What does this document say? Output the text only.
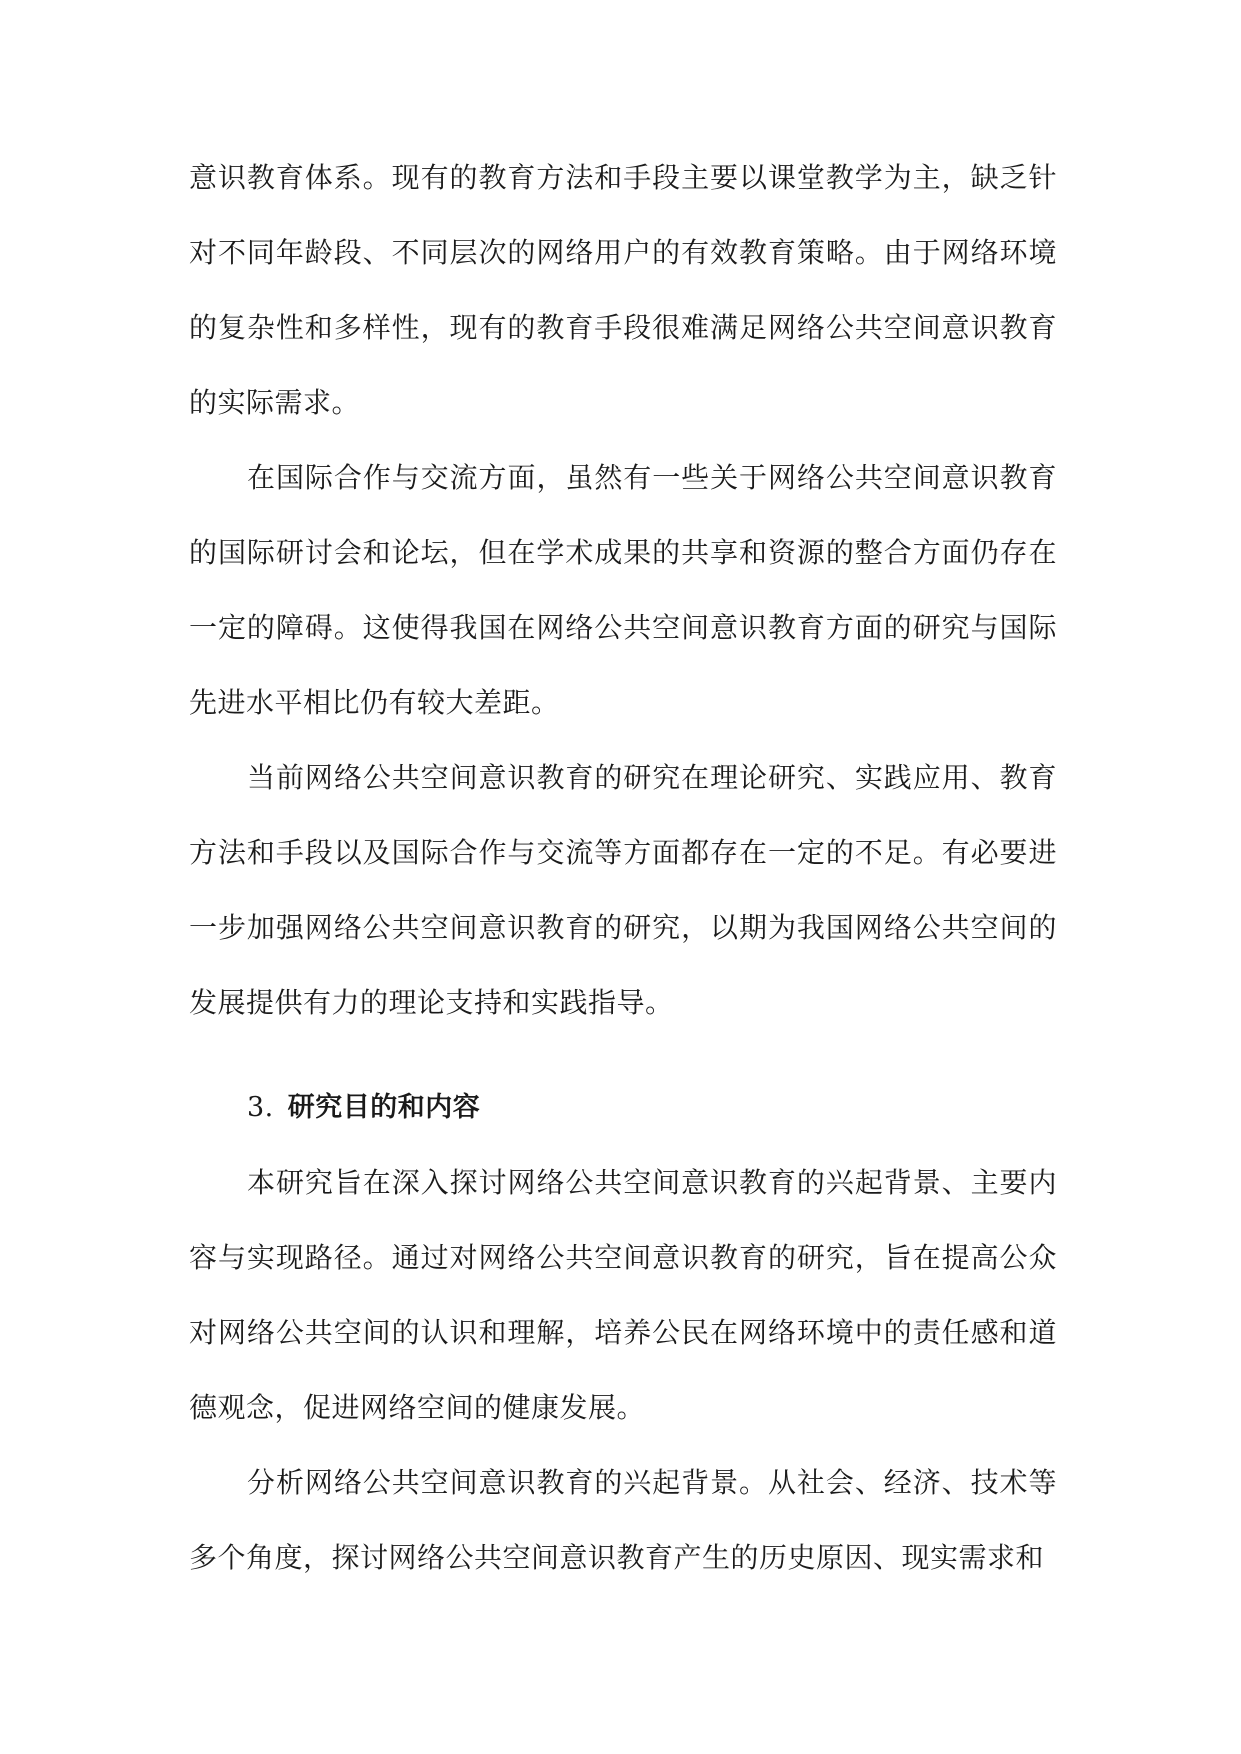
意识教育体系。现有的教育方法和手段主要以课堂教学为主，缺乏针对不同年龄段、不同层次的网络用户的有效教育策略。由于网络环境的复杂性和多样性，现有的教育手段很难满足网络公共空间意识教育的实际需求。

在国际合作与交流方面，虽然有一些关于网络公共空间意识教育的国际研讨会和论坛，但在学术成果的共享和资源的整合方面仍存在一定的障碍。这使得我国在网络公共空间意识教育方面的研究与国际先进水平相比仍有较大差距。

当前网络公共空间意识教育的研究在理论研究、实践应用、教育方法和手段以及国际合作与交流等方面都存在一定的不足。有必要进一步加强网络公共空间意识教育的研究，以期为我国网络公共空间的发展提供有力的理论支持和实践指导。

3. 研究目的和内容

本研究旨在深入探讨网络公共空间意识教育的兴起背景、主要内容与实现路径。通过对网络公共空间意识教育的研究，旨在提高公众对网络公共空间的认识和理解，培养公民在网络环境中的责任感和道德观念，促进网络空间的健康发展。

分析网络公共空间意识教育的兴起背景。从社会、经济、技术等多个角度，探讨网络公共空间意识教育产生的历史原因、现实需求和
